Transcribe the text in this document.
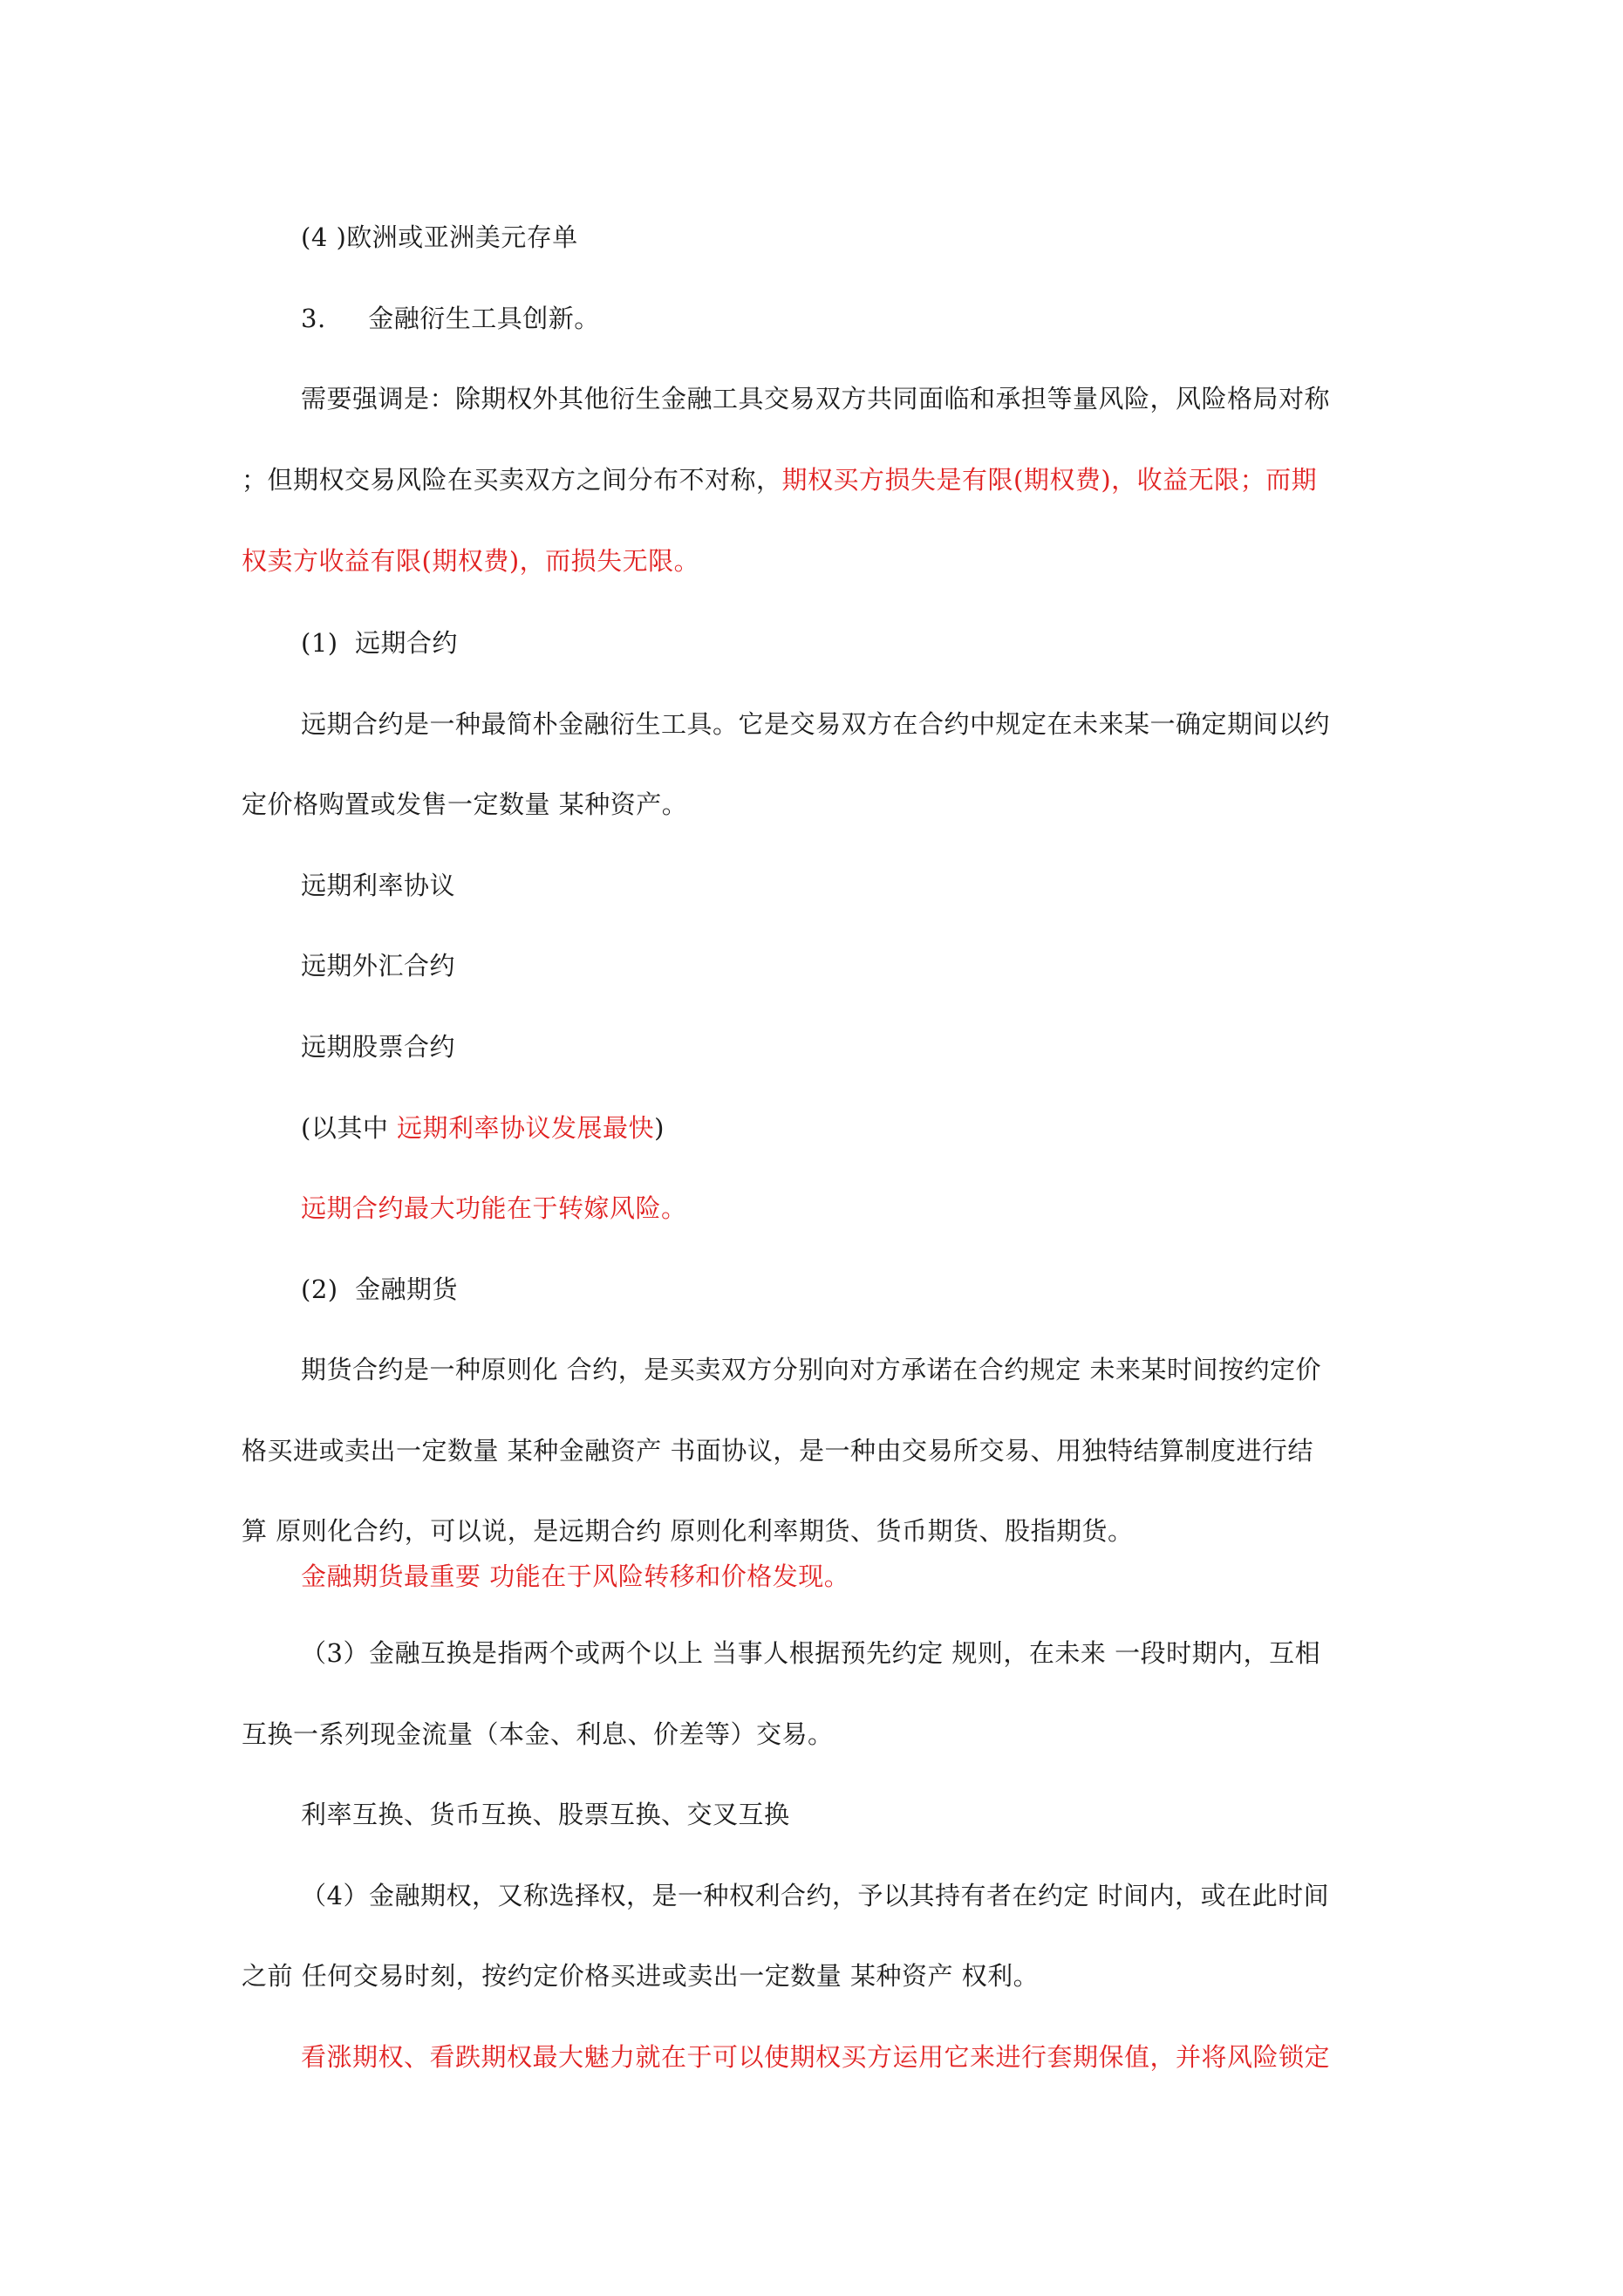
(4 )欧洲或亚洲美元存单
3.     金融衍生工具创新。
需要强调是：除期权外其他衍生金融工具交易双方共同面临和承担等量风险，风险格局对称
；但期权交易风险在买卖双方之间分布不对称，期权买方损失是有限(期权费)，收益无限；而期
权卖方收益有限(期权费)，而损失无限。
(1)  远期合约
远期合约是一种最简朴金融衍生工具。它是交易双方在合约中规定在未来某一确定期间以约
定价格购置或发售一定数量 某种资产。
远期利率协议
远期外汇合约
远期股票合约
(以其中 远期利率协议发展最快)
远期合约最大功能在于转嫁风险。
(2)  金融期货
期货合约是一种原则化 合约，是买卖双方分别向对方承诺在合约规定 未来某时间按约定价
格买进或卖出一定数量 某种金融资产 书面协议，是一种由交易所交易、用独特结算制度进行结
算 原则化合约，可以说，是远期合约 原则化利率期货、货币期货、股指期货。
金融期货最重要 功能在于风险转移和价格发现。
（3）金融互换是指两个或两个以上 当事人根据预先约定 规则，在未来 一段时期内，互相
互换一系列现金流量（本金、利息、价差等）交易。
利率互换、货币互换、股票互换、交叉互换
（4）金融期权，又称选择权，是一种权利合约，予以其持有者在约定 时间内，或在此时间
之前 任何交易时刻，按约定价格买进或卖出一定数量 某种资产 权利。
看涨期权、看跌期权最大魅力就在于可以使期权买方运用它来进行套期保值，并将风险锁定
